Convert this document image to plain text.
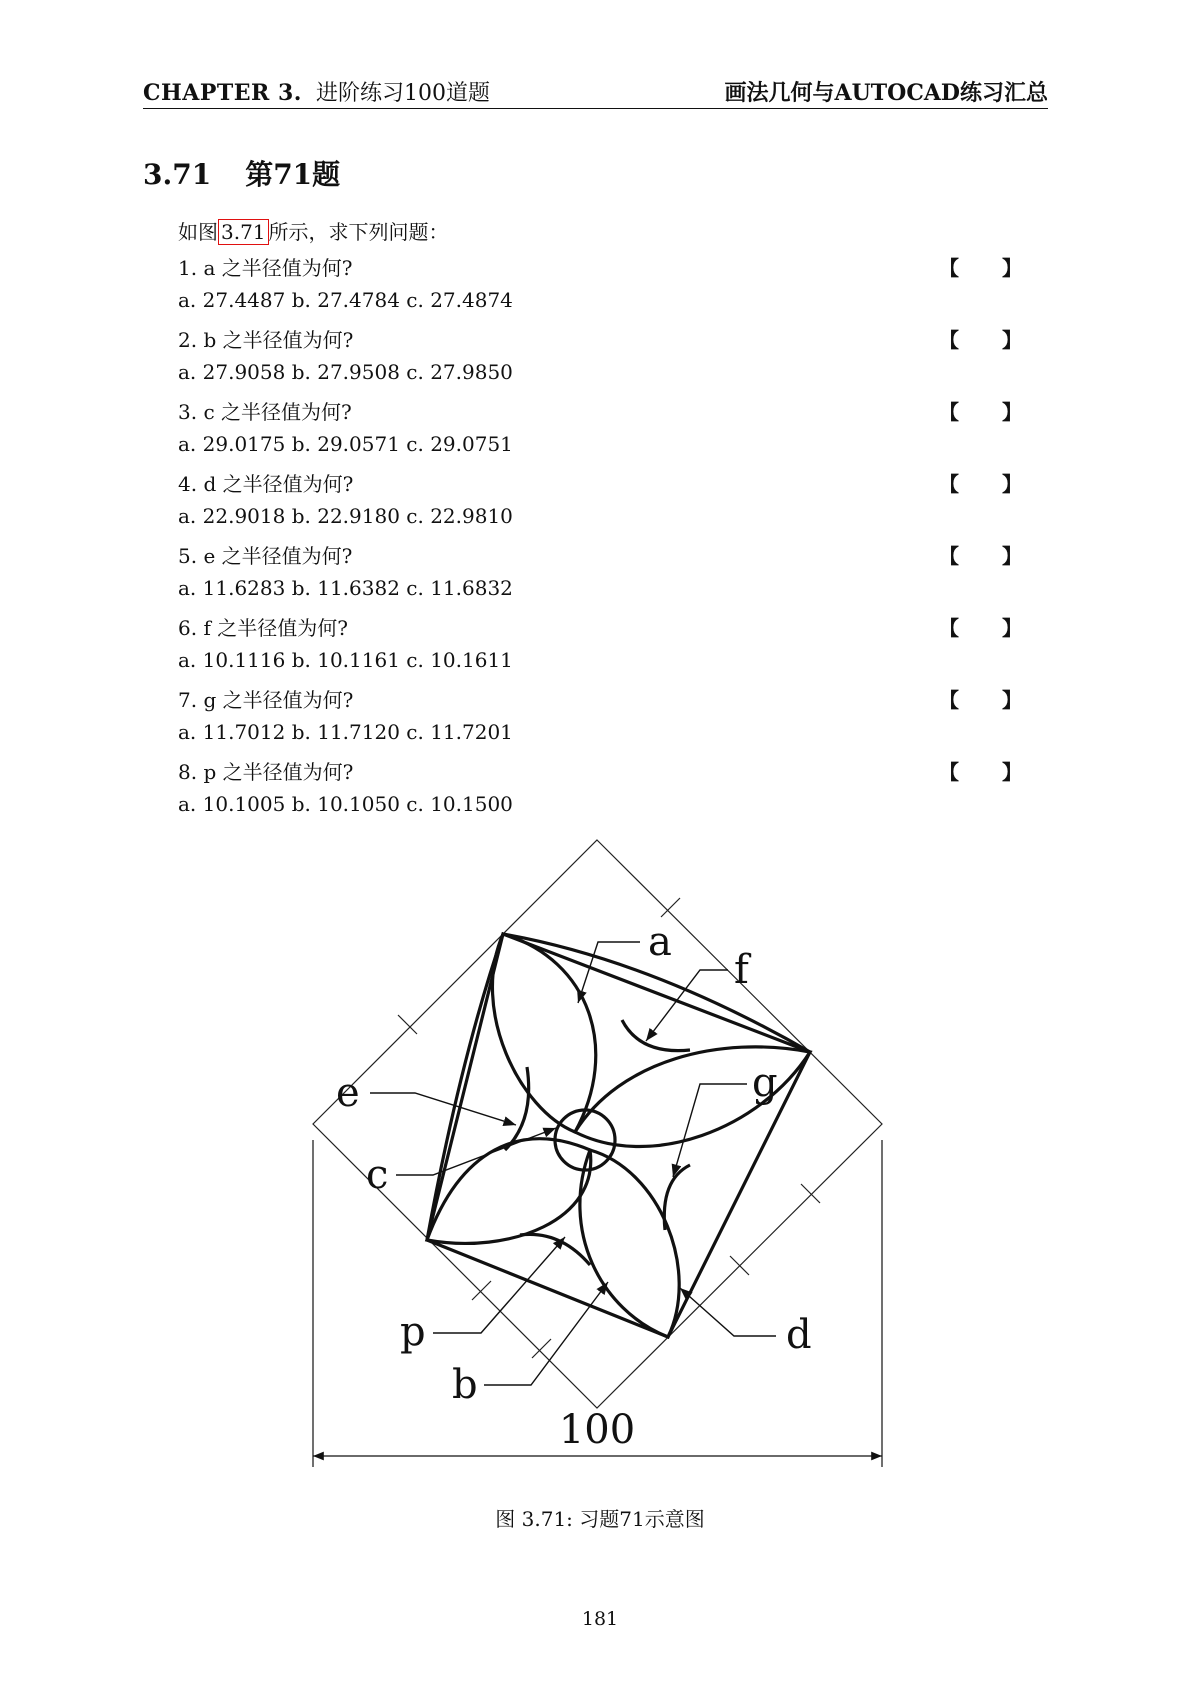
CHAPTER 3. 进阶练习100道题	画法几何与AUTOCAD练习汇总
3.71 第71题
如图 3.71 所示，求下列问题：
1. a 之半径值为何?	【 】
a. 27.4487 b. 27.4784 c. 27.4874
2. b 之半径值为何?	【 】
a. 27.9058 b. 27.9508 c. 27.9850
3. c 之半径值为何?	【 】
a. 29.0175 b. 29.0571 c. 29.0751
4. d 之半径值为何?	【 】
a. 22.9018 b. 22.9180 c. 22.9810
5. e 之半径值为何?	【 】
a. 11.6283 b. 11.6382 c. 11.6832
6. f 之半径值为何?	【 】
a. 10.1116 b. 10.1161 c. 10.1611
7. g 之半径值为何?	【 】
a. 11.7012 b. 11.7120 c. 11.7201
8. p 之半径值为何?	【 】
a. 10.1005 b. 10.1050 c. 10.1500
a
f
e
c
g
d
p
b
100
图 3.71: 习题71示意图
181
